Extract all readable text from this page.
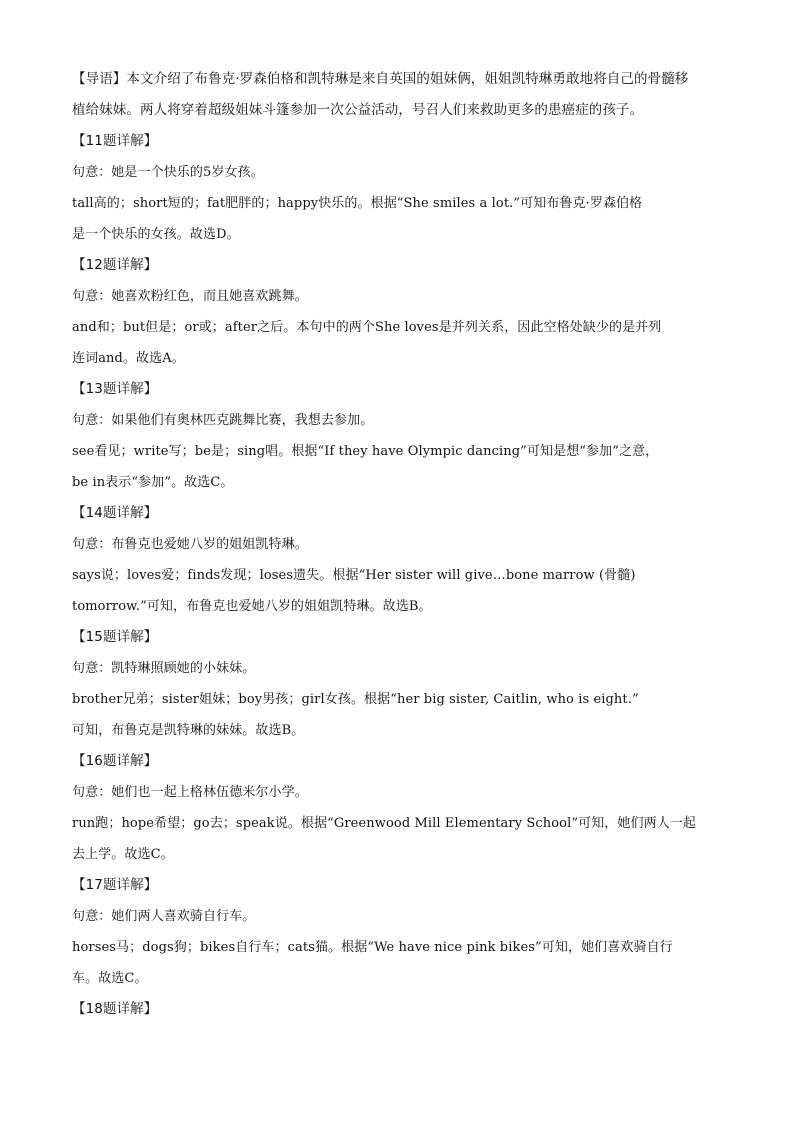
【导语】本文介绍了布鲁克·罗森伯格和凯特琳是来自英国的姐妹俩，姐姐凯特琳勇敢地将自己的骨髓移
植给妹妹。两人将穿着超级姐妹斗篷参加一次公益活动，号召人们来救助更多的患癌症的孩子。
【11题详解】
句意：她是一个快乐的5岁女孩。
tall高的；short短的；fat肥胖的；happy快乐的。根据“She smiles a lot.”可知布鲁克·罗森伯格
是一个快乐的女孩。故选D。
【12题详解】
句意：她喜欢粉红色，而且她喜欢跳舞。
and和；but但是；or或；after之后。本句中的两个She loves是并列关系，因此空格处缺少的是并列
连词and。故选A。
【13题详解】
句意：如果他们有奥林匹克跳舞比赛，我想去参加。
see看见；write写；be是；sing唱。根据“If they have Olympic dancing”可知是想“参加”之意，
be in表示“参加”。故选C。
【14题详解】
句意：布鲁克也爱她八岁的姐姐凯特琳。
says说；loves爱；finds发现；loses遗失。根据“Her sister will give…bone marrow (骨髓)
tomorrow.”可知，布鲁克也爱她八岁的姐姐凯特琳。故选B。
【15题详解】
句意：凯特琳照顾她的小妹妹。
brother兄弟；sister姐妹；boy男孩；girl女孩。根据“her big sister, Caitlin, who is eight.”
可知，布鲁克是凯特琳的妹妹。故选B。
【16题详解】
句意：她们也一起上格林伍德米尔小学。
run跑；hope希望；go去；speak说。根据“Greenwood Mill Elementary School”可知，她们两人一起
去上学。故选C。
【17题详解】
句意：她们两人喜欢骑自行车。
horses马；dogs狗；bikes自行车；cats猫。根据“We have nice pink bikes”可知，她们喜欢骑自行
车。故选C。
【18题详解】
